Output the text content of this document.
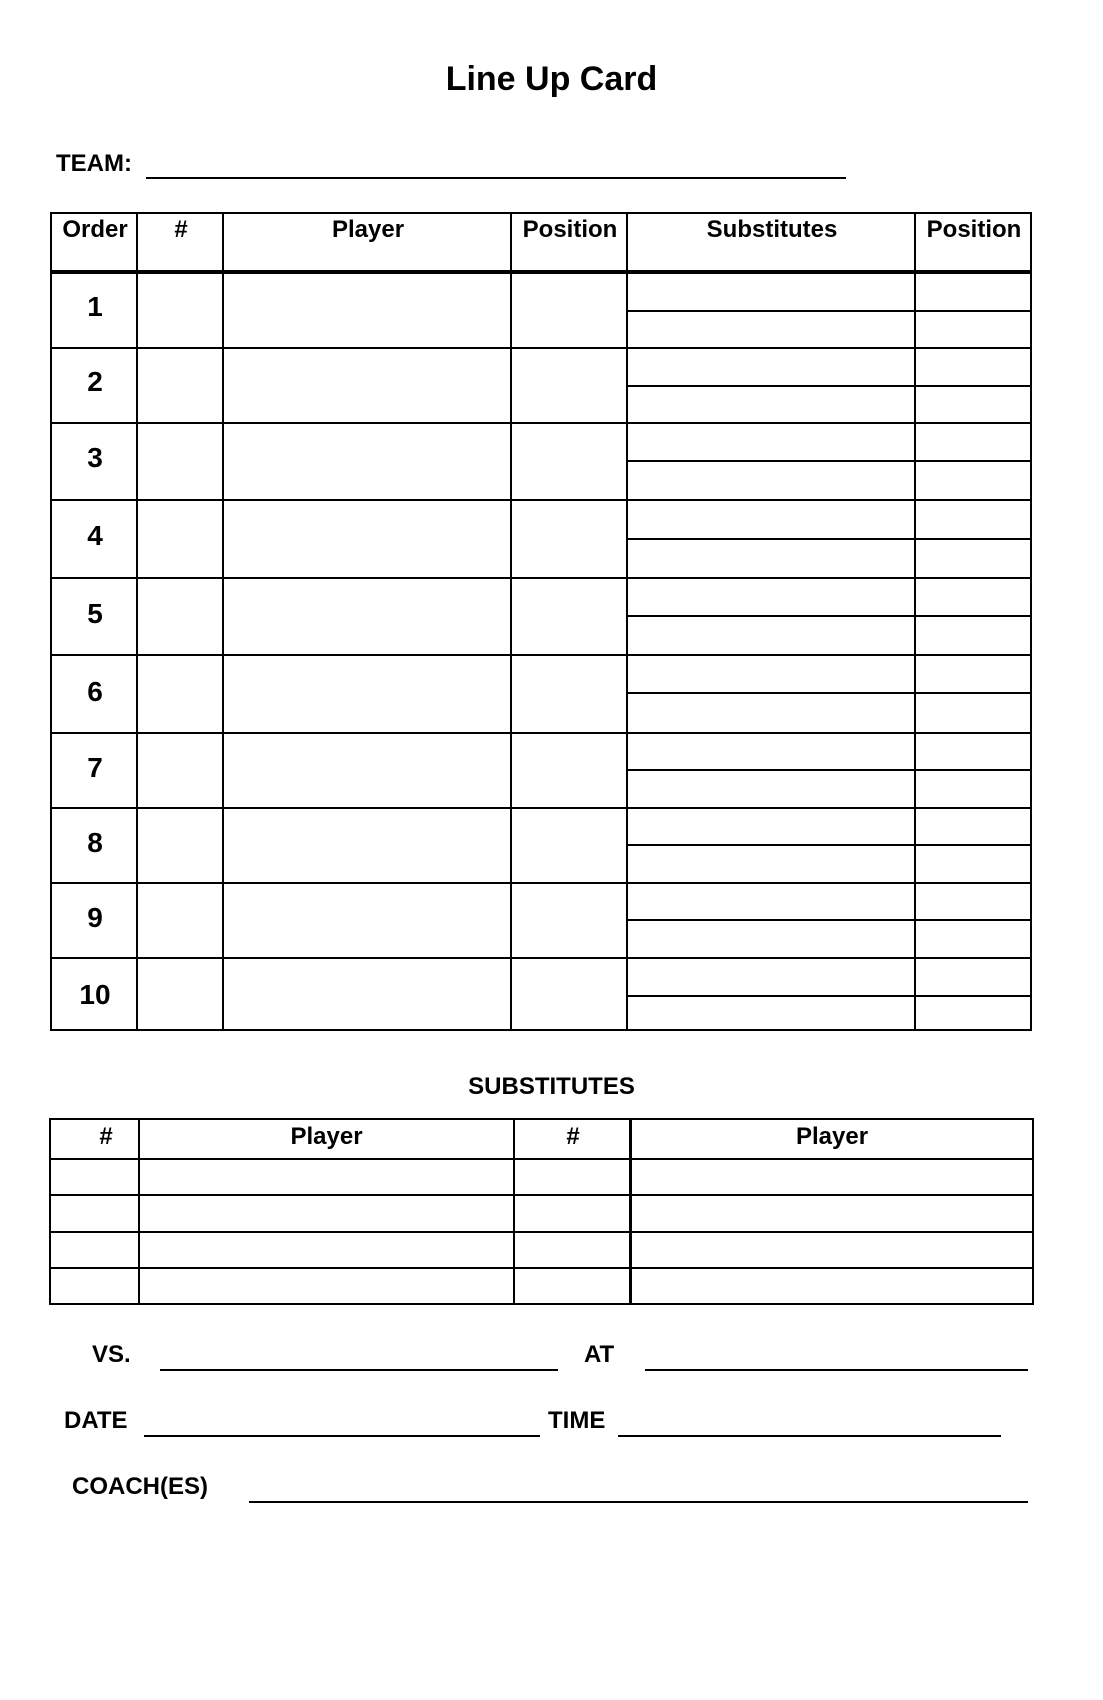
Line Up Card
TEAM:
Order	#	Player	Position	Substitutes	Position
1
2
3
4
5
6
7
8
9
10
SUBSTITUTES
#	Player	#	Player
VS.	AT
DATE	TIME
COACH(ES)
